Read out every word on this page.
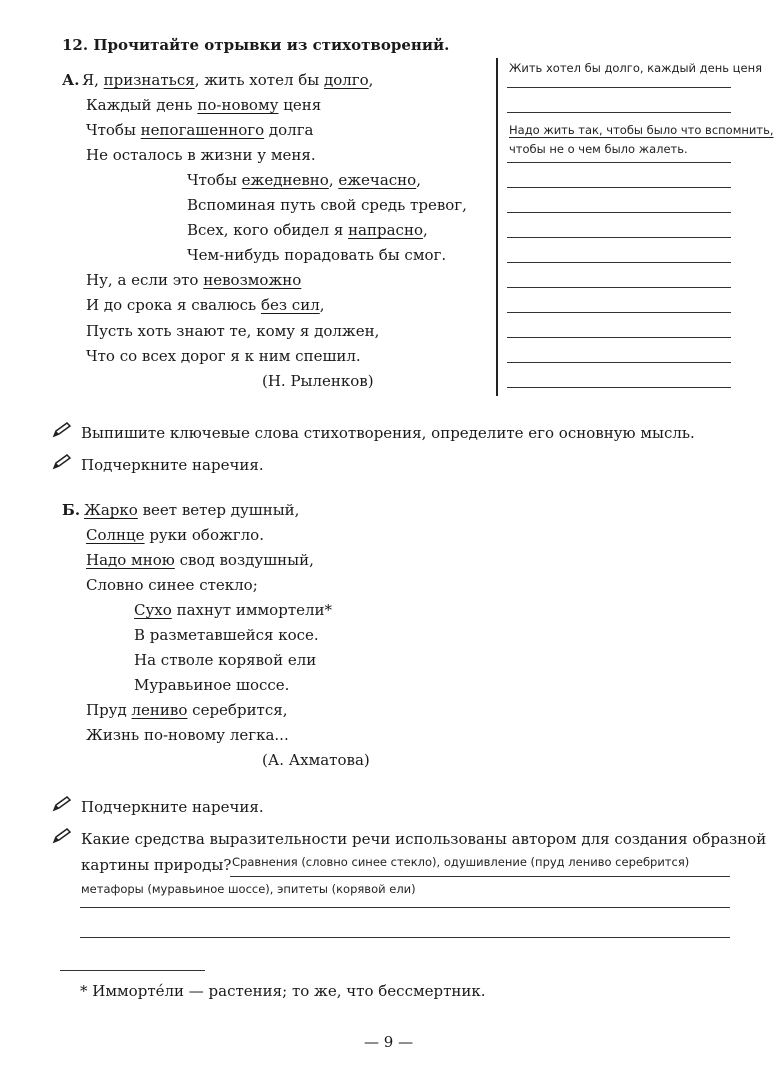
12. Прочитайте отрывки из стихотворений.
А. Я, признаться, жить хотел бы долго,
Каждый день по-новому ценя
Чтобы непогашенного долга
Не осталось в жизни у меня.
Чтобы ежедневно, ежечасно,
Вспоминая путь свой средь тревог,
Всех, кого обидел я напрасно,
Чем-нибудь порадовать бы смог.
Ну, а если это невозможно
И до срока я свалюсь без сил,
Пусть хоть знают те, кому я должен,
Что со всех дорог я к ним спешил.
(Н. Рыленков)
Жить хотел бы долго, каждый день ценя
Надо жить так, чтобы было что вспомнить,
чтобы не о чем было жалеть.
Выпишите ключевые слова стихотворения, определите его основную мысль.
Подчеркните наречия.
Б. Жарко веет ветер душный,
Солнце руки обожгло.
Надо мною свод воздушный,
Словно синее стекло;
Сухо пахнут иммортели*
В разметавшейся косе.
На стволе корявой ели
Муравьиное шоссе.
Пруд лениво серебрится,
Жизнь по-новому легка...
(А. Ахматова)
Подчеркните наречия.
Какие средства выразительности речи использованы автором для создания образной
картины природы? Сравнения (словно синее стекло), одушивление (пруд лениво серебрится)
метафоры (муравьиное шоссе), эпитеты (корявой ели)
* Иммортéли — растения; то же, что бессмертник.
— 9 —
